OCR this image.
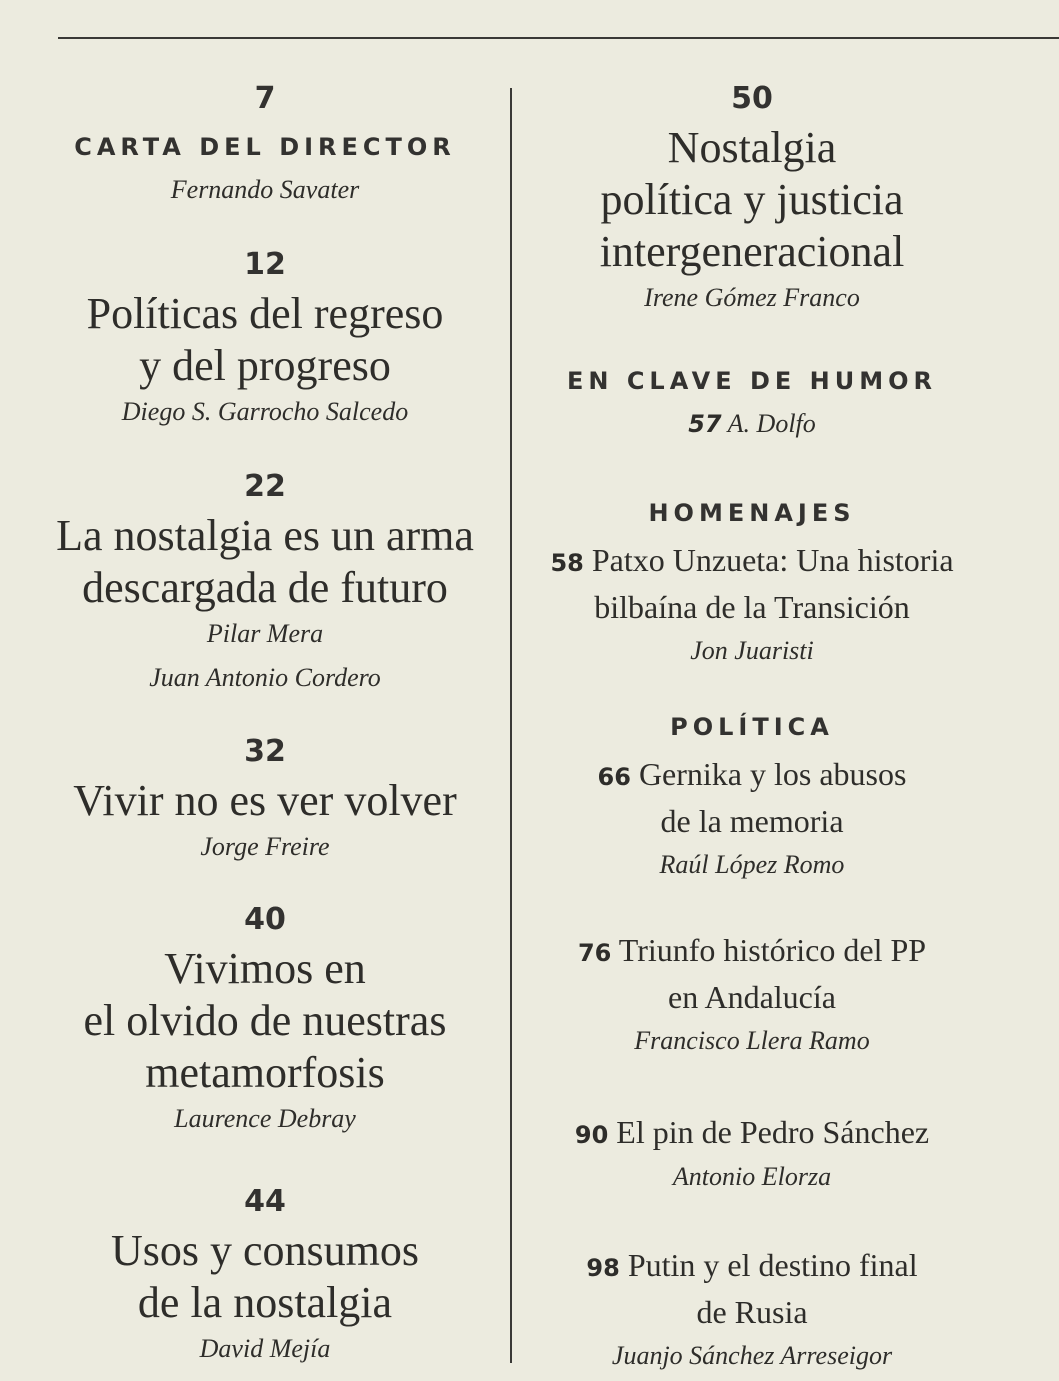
7
CARTA DEL DIRECTOR
Fernando Savater
12
Políticas del regreso
y del progreso
Diego S. Garrocho Salcedo
22
La nostalgia es un arma
descargada de futuro
Pilar Mera
Juan Antonio Cordero
32
Vivir no es ver volver
Jorge Freire
40
Vivimos en
el olvido de nuestras
metamorfosis
Laurence Debray
44
Usos y consumos
de la nostalgia
David Mejía
50
Nostalgia
política y justicia
intergeneracional
Irene Gómez Franco
EN CLAVE DE HUMOR
57 A. Dolfo
HOMENAJES
58 Patxo Unzueta: Una historia
bilbaína de la Transición
Jon Juaristi
POLÍTICA
66 Gernika y los abusos
de la memoria
Raúl López Romo
76 Triunfo histórico del PP
en Andalucía
Francisco Llera Ramo
90 El pin de Pedro Sánchez
Antonio Elorza
98 Putin y el destino final
de Rusia
Juanjo Sánchez Arreseigor
